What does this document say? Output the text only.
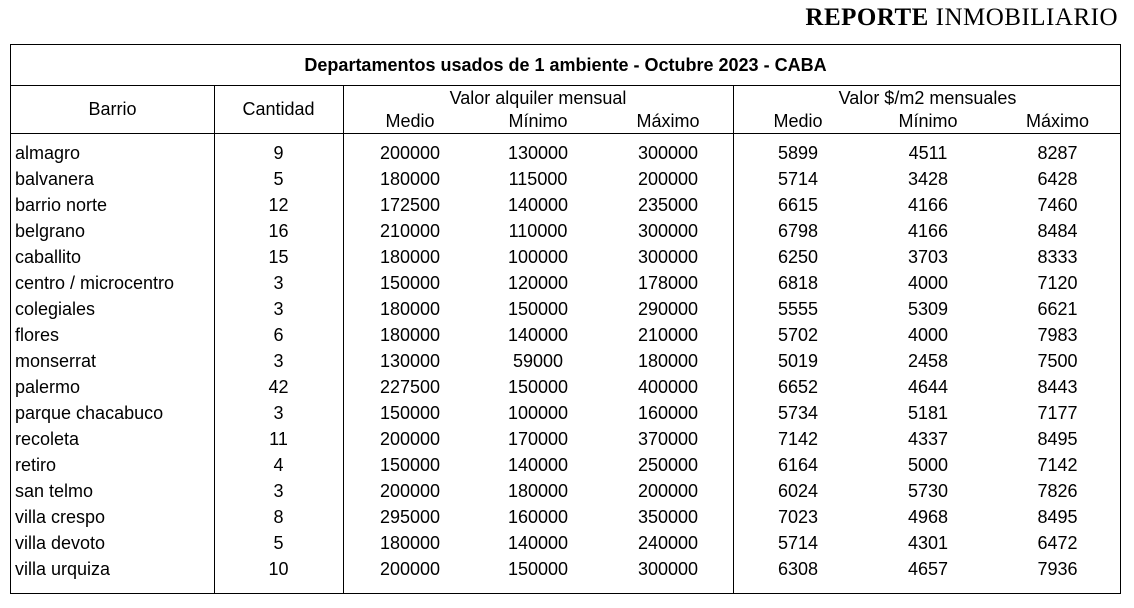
REPORTE INMOBILIARIO
Departamentos usados de 1 ambiente - Octubre 2023 - CABA
Barrio	Cantidad
Valor alquiler mensual	Valor $/m2 mensuales
Medio	Mínimo	Máximo	Medio	Mínimo	Máximo
almagro	9	200000	130000	300000	5899	4511	8287
balvanera	5	180000	115000	200000	5714	3428	6428
barrio norte	12	172500	140000	235000	6615	4166	7460
belgrano	16	210000	110000	300000	6798	4166	8484
caballito	15	180000	100000	300000	6250	3703	8333
centro / microcentro	3	150000	120000	178000	6818	4000	7120
colegiales	3	180000	150000	290000	5555	5309	6621
flores	6	180000	140000	210000	5702	4000	7983
monserrat	3	130000	59000	180000	5019	2458	7500
palermo	42	227500	150000	400000	6652	4644	8443
parque chacabuco	3	150000	100000	160000	5734	5181	7177
recoleta	11	200000	170000	370000	7142	4337	8495
retiro	4	150000	140000	250000	6164	5000	7142
san telmo	3	200000	180000	200000	6024	5730	7826
villa crespo	8	295000	160000	350000	7023	4968	8495
villa devoto	5	180000	140000	240000	5714	4301	6472
villa urquiza	10	200000	150000	300000	6308	4657	7936
